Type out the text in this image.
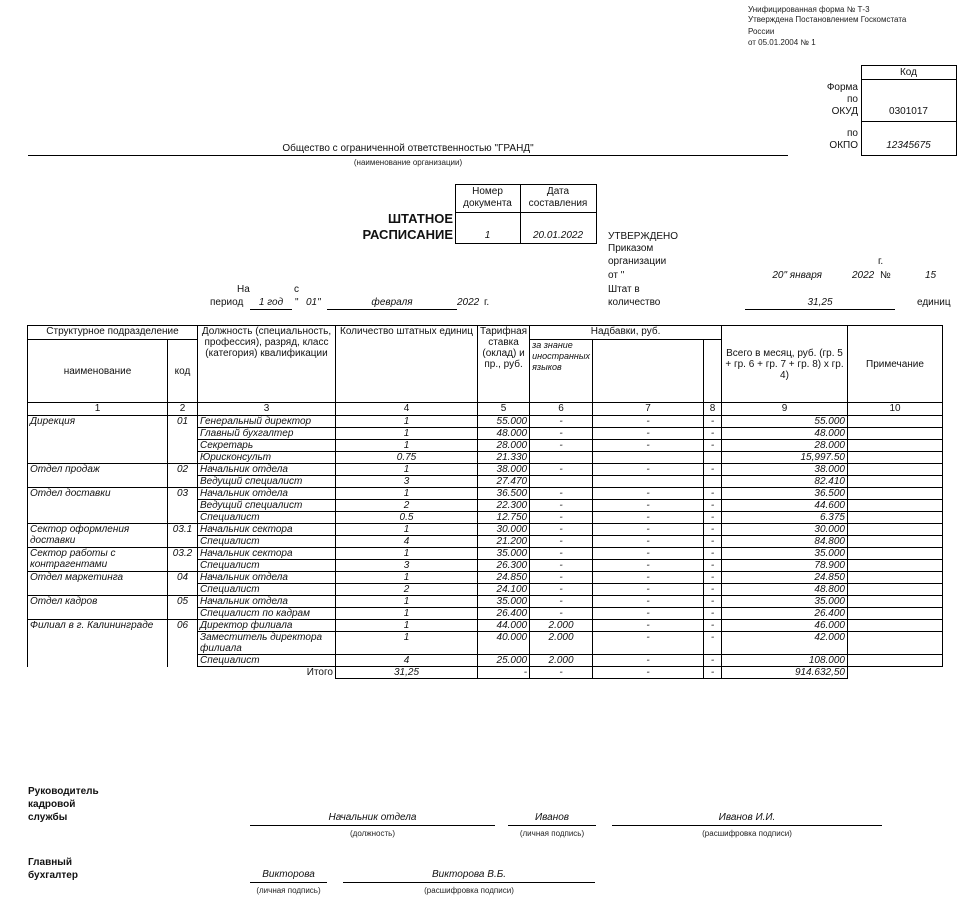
Унифицированная форма № Т-3
Утверждена Постановлением Госкомстата
России
от 05.01.2004 № 1
Код
Форма
по
ОКУД	0301017
по
ОКПО	12345675
Общество с ограниченной ответственностью "ГРАНД"
(наименование организации)
Номер
документа
Дата
составления
1	20.01.2022
ШТАТНОЕ
РАСПИСАНИЕ	УТВЕРЖДЕНО
Приказом
организации
от "	20" января
г.
2022 №	15
Штат в
количество	31,25	единиц
На	с
период	1 год	" 01"	февраля	2022 г.
Структурное подразделение		Должность (специальность, профессия), разряд, класс (категория) квалификации	Количество штатных единиц	Тарифная ставка (оклад) и пр., руб.	Надбавки, руб.			Всего в месяц, руб. (гр. 5 + гр. 6 + гр. 7 + гр. 8) х гр. 4)	Примечание
наименование	код				за знание иностранных языков				
1	2	3	4	5	6	7	8	9	10
Дирекция	01	Генеральный директор	1	55.000	-	-	-	55.000	
		Главный бухгалтер	1	48.000	-	-	-	48.000	
		Секретарь	1	28.000	-	-	-	28.000	
		Юрисконсульт	0.75	21.330				15,997.50	
Отдел продаж	02	Начальник отдела	1	38.000	-	-	-	38.000	
		Ведущий специалист	3	27.470				82.410	
Отдел доставки	03	Начальник отдела	1	36.500	-	-	-	36.500	
		Ведущий специалист	2	22.300	-	-	-	44.600	
		Специалист	0.5	12.750	-	-	-	6.375	
Сектор оформления доставки	03.1	Начальник сектора	1	30.000	-	-	-	30.000	
		Специалист	4	21.200	-	-	-	84.800	
Сектор работы с контрагентами	03.2	Начальник сектора	1	35.000	-	-	-	35.000	
		Специалист	3	26.300	-	-	-	78.900	
Отдел маркетинга	04	Начальник отдела	1	24.850	-	-	-	24.850	
		Специалист	2	24.100	-	-	-	48.800	
Отдел кадров	05	Начальник отдела	1	35.000	-	-	-	35.000	
		Специалист по кадрам	1	26.400	-	-	-	26.400	
Филиал в г. Калининграде	06	Директор филиала	1	44.000	2.000	-	-	46.000	
		Заместитель директора филиала	1	40.000	2.000	-	-	42.000	
		Специалист	4	25.000	2.000	-	-	108.000	
Итого			31,25	-	-	-	-	914.632,50	
Руководитель
кадровой
службы	Начальник отдела
(должность)
Иванов
(личная подпись)
Иванов И.И.
(расшифровка подписи)
Главный
бухгалтер	Викторова
(личная подпись)
Викторова В.Б.
(расшифровка подписи)
